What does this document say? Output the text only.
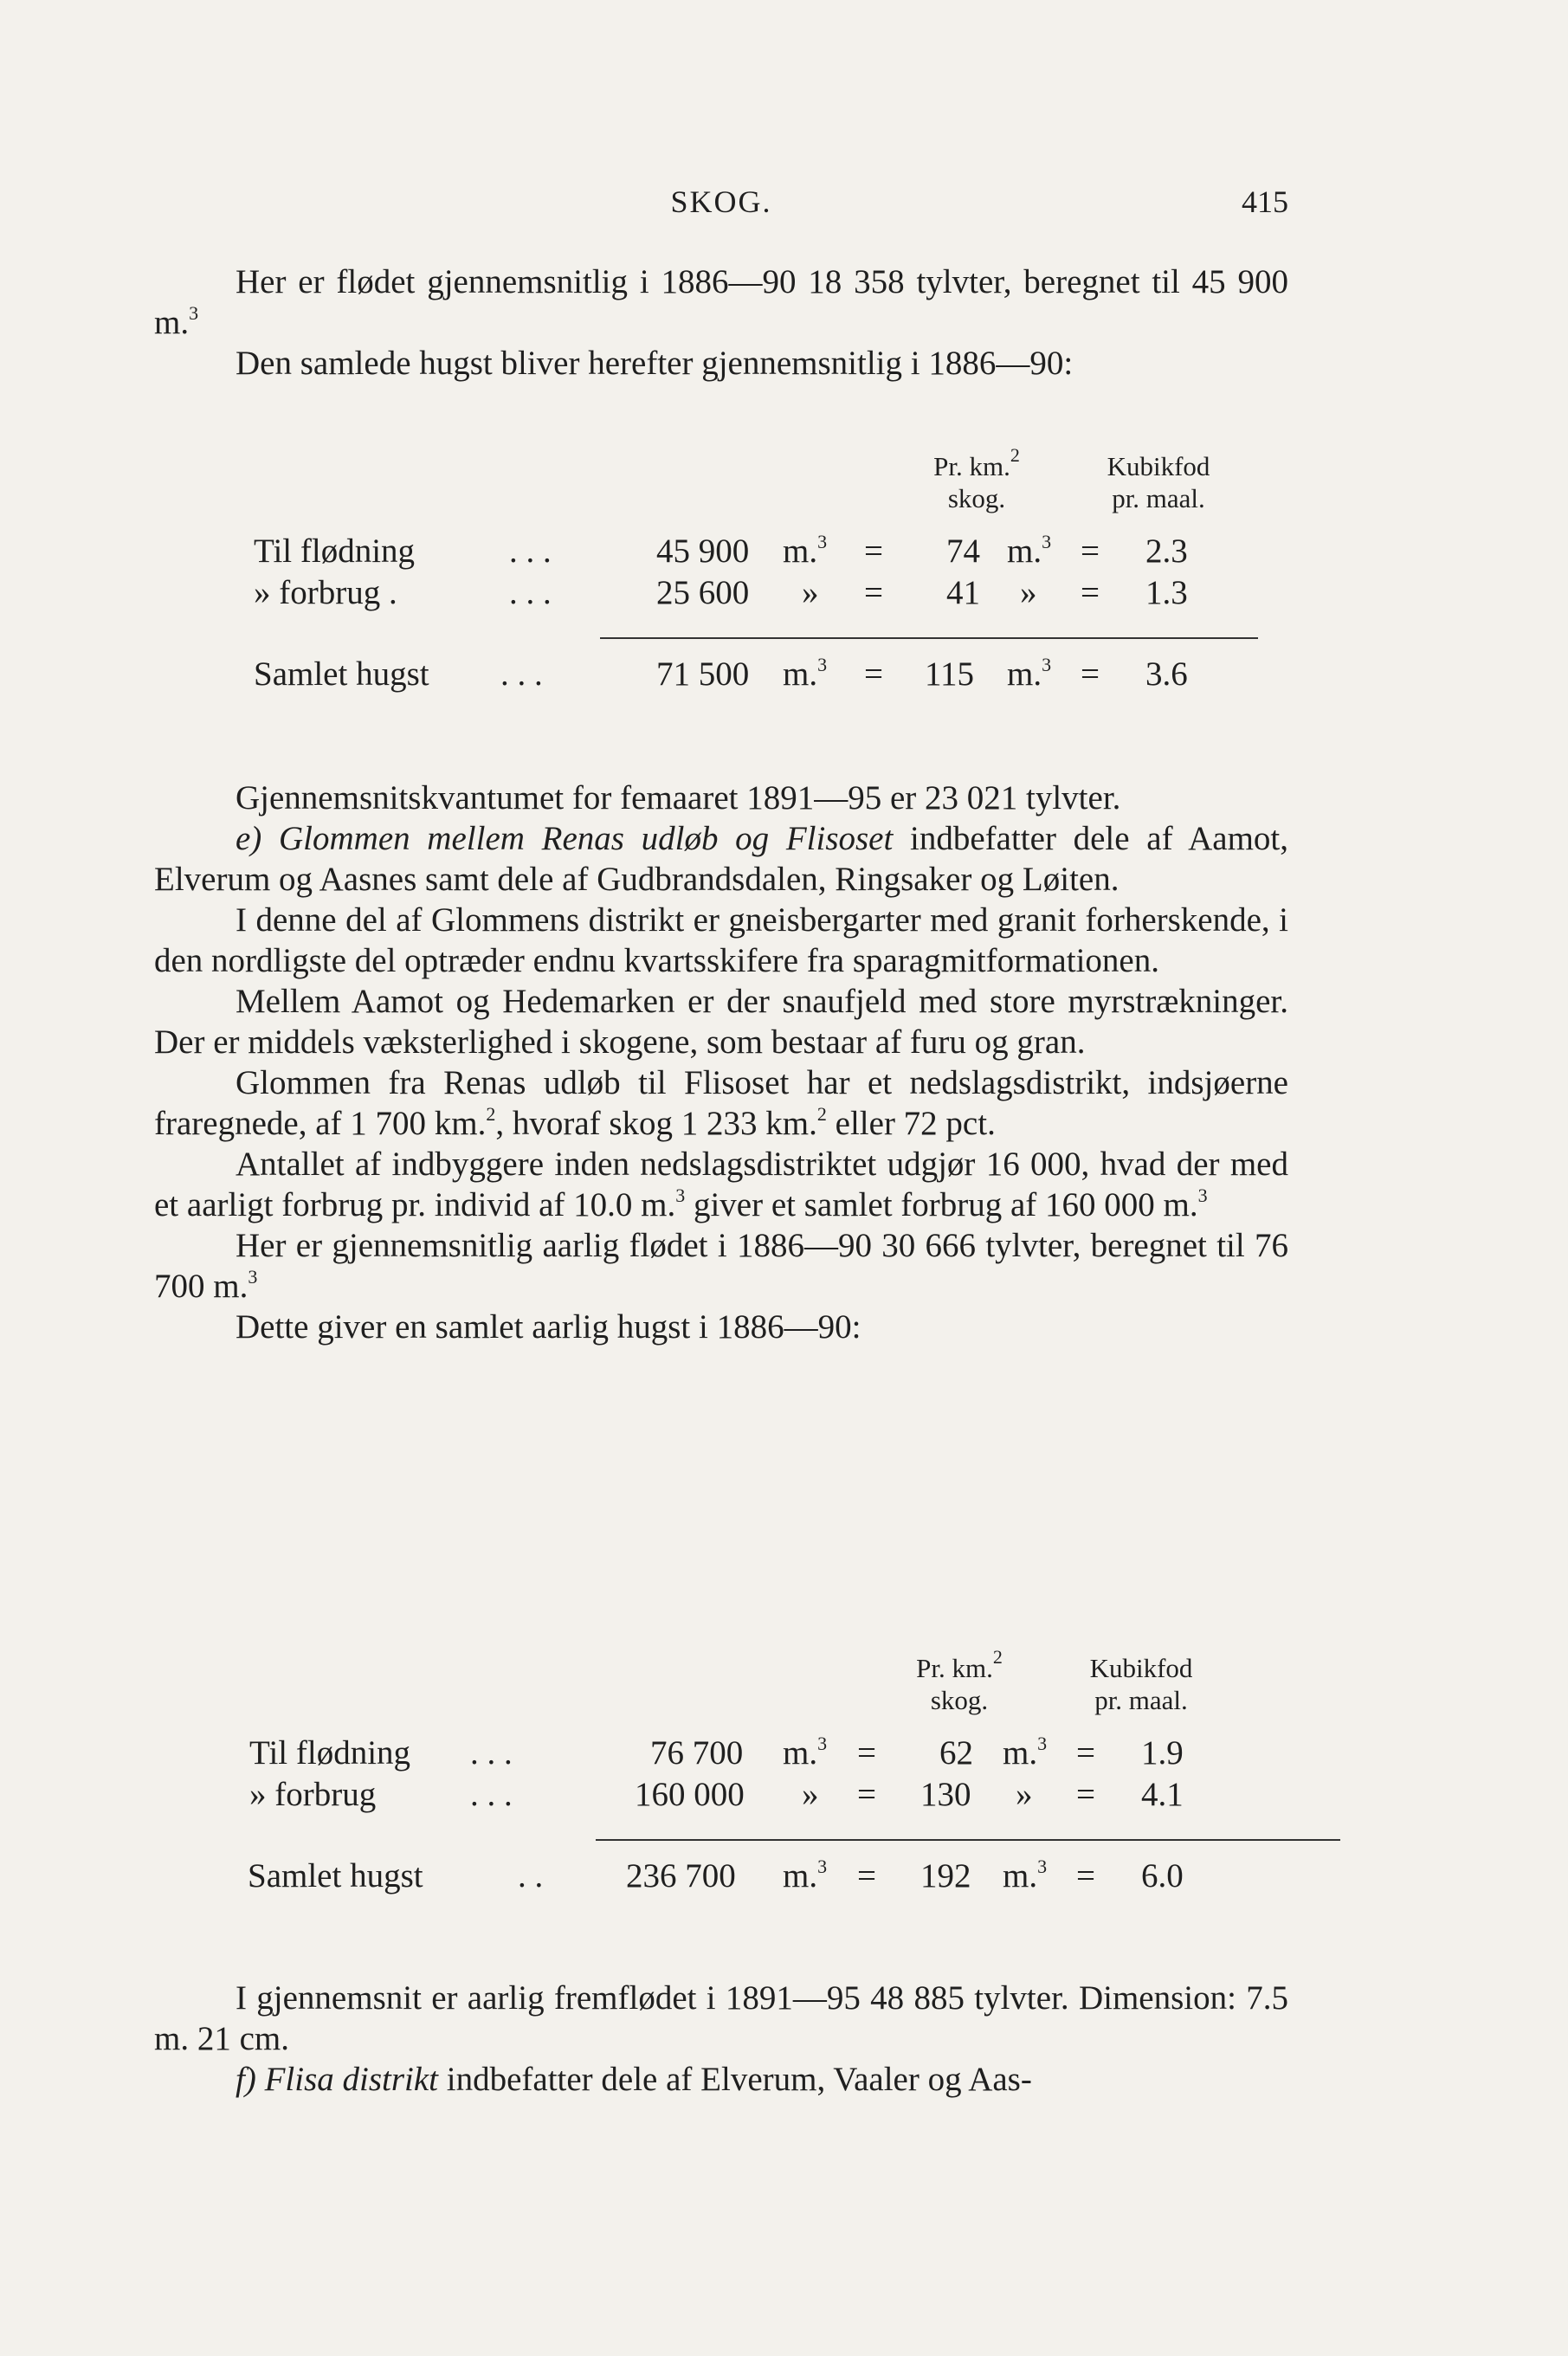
SKOG.	415

Her er flødet gjennemsnitlig i 1886—90 18 358 tylvter, beregnet til 45 900 m.$^3$

Den samlede hugst bliver herefter gjennemsnitlig i 1886—90:

Pr. km.$^2$
skog.
Kubikfod
pr. maal.
Til flødning	. . .	45 900 m.$^3$ = 74 m.$^3$ = 2.3
» forbrug .	. . .	25 600 » = 41 » = 1.3
Samlet hugst . . .	71 500 m.$^3$ = 115 m.$^3$ = 3.6

Gjennemsnitskvantumet for femaaret 1891—95 er 23 021 tylvter.

e) Glommen mellem Renas udløb og Flisoset indbefatter dele af Aamot, Elverum og Aasnes samt dele af Gudbrandsdalen, Ringsaker og Løiten.

I denne del af Glommens distrikt er gneisbergarter med granit forherskende, i den nordligste del optræder endnu kvartsskifere fra sparagmitformationen.

Mellem Aamot og Hedemarken er der snaufjeld med store myrstrækninger. Der er middels væksterlighed i skogene, som bestaar af furu og gran.

Glommen fra Renas udløb til Flisoset har et nedslagsdistrikt, indsjøerne fraregnede, af 1 700 km.$^2$, hvoraf skog 1 233 km.$^2$ eller 72 pct.

Antallet af indbyggere inden nedslagsdistriktet udgjør 16 000, hvad der med et aarligt forbrug pr. individ af 10.0 m.$^3$ giver et samlet forbrug af 160 000 m.$^3$

Her er gjennemsnitlig aarlig flødet i 1886—90 30 666 tylvter, beregnet til 76 700 m.$^3$

Dette giver en samlet aarlig hugst i 1886—90:

Pr. km.$^2$
skog.
Kubikfod
pr. maal.
Til flødning . . .	76 700 m.$^3$ = 62 m.$^3$ = 1.9
» forbrug	. . .	160 000 » = 130 » = 4.1
Samlet hugst	. . 236 700 m.$^3$ = 192 m.$^3$ = 6.0

I gjennemsnit er aarlig fremflødet i 1891—95 48 885 tylvter. Dimension: 7.5 m. 21 cm.

f) Flisa distrikt indbefatter dele af Elverum, Vaaler og Aas-
